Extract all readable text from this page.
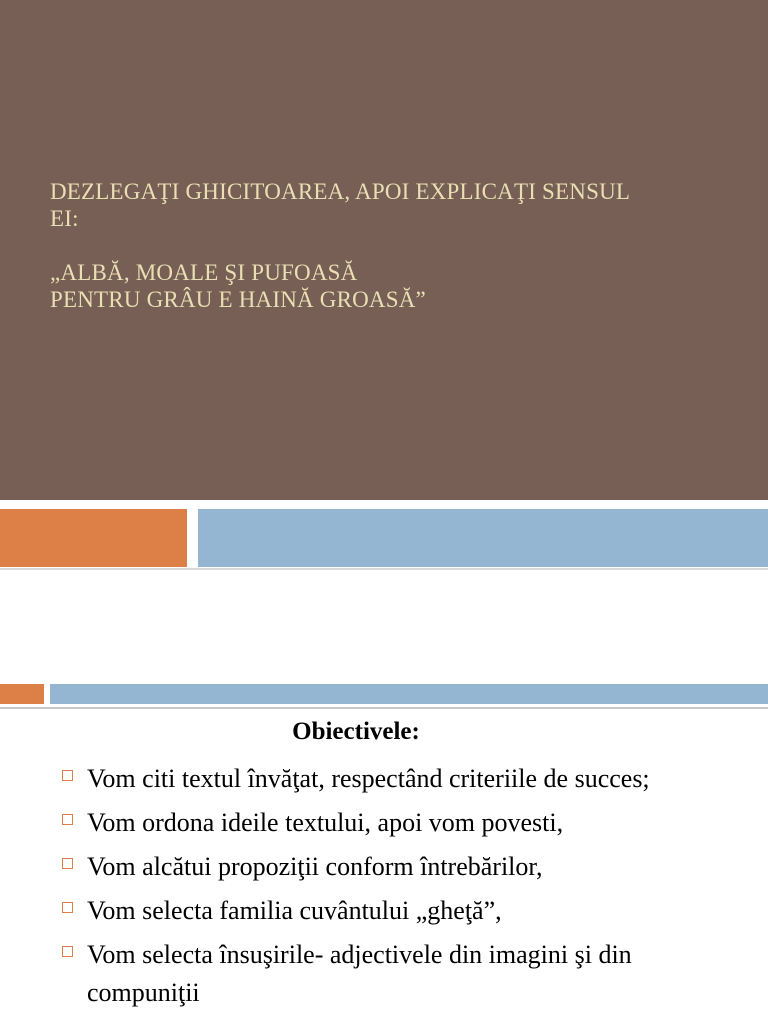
DEZLEGAŢI GHICITOAREA, APOI EXPLICAŢI SENSUL
EI:
„ALBĂ, MOALE ŞI PUFOASĂ
PENTRU GRÂU E HAINĂ GROASĂ”
Obiectivele:
Vom citi textul învăţat, respectând criteriile de succes;
Vom ordona ideile textului, apoi vom povesti,
Vom alcătui propoziţii conform întrebărilor,
Vom selecta familia cuvântului „gheţă”,
Vom selecta însuşirile- adjectivele din imagini şi din compuniţii
